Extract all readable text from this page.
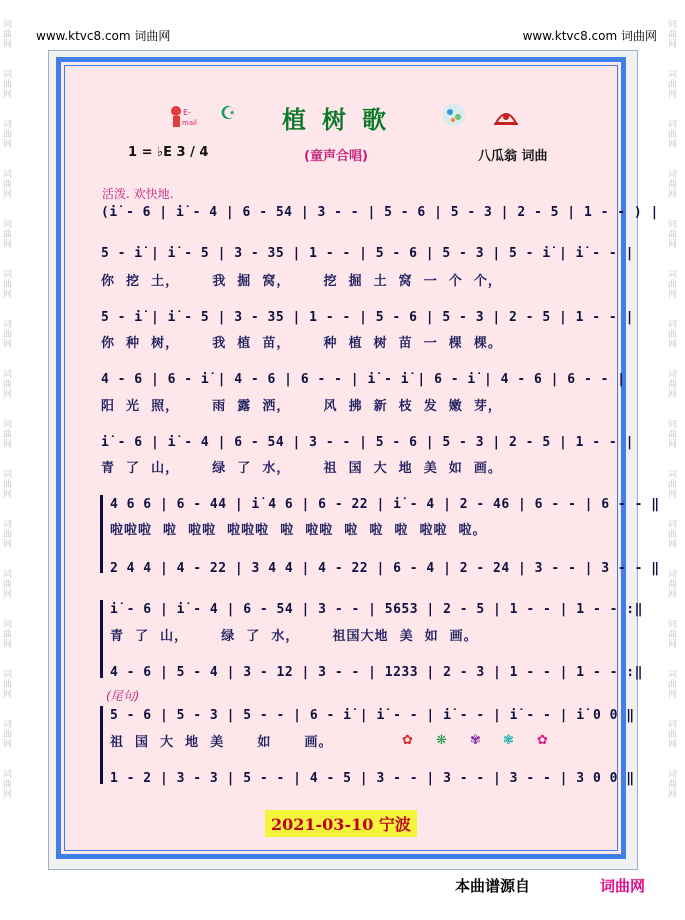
词曲网
词曲网
词曲网
词曲网
词曲网
词曲网
词曲网
词曲网
词曲网
词曲网
词曲网
词曲网
词曲网
词曲网
词曲网
词曲网
词曲网
词曲网
词曲网
词曲网
词曲网
词曲网
词曲网
词曲网
词曲网
词曲网
词曲网
词曲网
词曲网
词曲网
词曲网
词曲网
www.ktvc8.com 词曲网	www.ktvc8.com 词曲网
E-
mail ☪ 植树歌
1 = ♭E 3 / 4	(童声合唱)	八瓜翁 词曲
活泼. 欢快地.
(i̇ - 6 | i̇ - 4 | 6 - 54 | 3 - - | 5 - 6 | 5 - 3 | 2 - 5 | 1 - - ) |
5 - i̇ | i̇ - 5 | 3 - 35 | 1 - - | 5 - 6 | 5 - 3 | 5 - i̇ | i̇ - - |
你  挖  土，      我  掘  窝，      挖  掘  土  窝  一  个  个，
5 - i̇ | i̇ - 5 | 3 - 35 | 1 - - | 5 - 6 | 5 - 3 | 2 - 5 | 1 - - |
你  种  树，      我  植  苗，      种  植  树  苗  一  棵  棵。
4 - 6 | 6 - i̇ | 4 - 6 | 6 - - | i̇ - i̇ | 6 - i̇ | 4 - 6 | 6 - - |
阳  光  照，      雨  露  洒，      风  拂  新  枝  发  嫩  芽，
i̇ - 6 | i̇ - 4 | 6 - 54 | 3 - - | 5 - 6 | 5 - 3 | 2 - 5 | 1 - - |
青  了  山，      绿  了  水，      祖  国  大  地  美  如  画。
4 6 6 | 6 - 44 | i̇ 4 6 | 6 - 22 | i̇ - 4 | 2 - 46 | 6 - - | 6 - - ‖
啦啦啦  啦  啦啦  啦啦啦  啦  啦啦  啦  啦  啦  啦啦  啦。
2 4 4 | 4 - 22 | 3 4 4 | 4 - 22 | 6 - 4 | 2 - 24 | 3 - - | 3 - - ‖
i̇ - 6 | i̇ - 4 | 6 - 54 | 3 - - | 5653 | 2 - 5 | 1 - - | 1 - - :‖
青  了  山，      绿  了  水，      祖国大地  美  如  画。
4 - 6 | 5 - 4 | 3 - 12 | 3 - - | 1233 | 2 - 3 | 1 - - | 1 - - :‖
(尾句)
5 - 6 | 5 - 3 | 5 - - | 6 - i̇ | i̇ - - | i̇ - - | i̇ - - | i̇ 0 0 ‖
祖  国  大  地  美      如      画。
1 - 2 | 3 - 3 | 5 - - | 4 - 5 | 3 - - | 3 - - | 3 - - | 3 0 0 ‖
✿ ❋ ✾ ❃ ✿
2021-03-10 宁波
本曲谱源自	词曲网
